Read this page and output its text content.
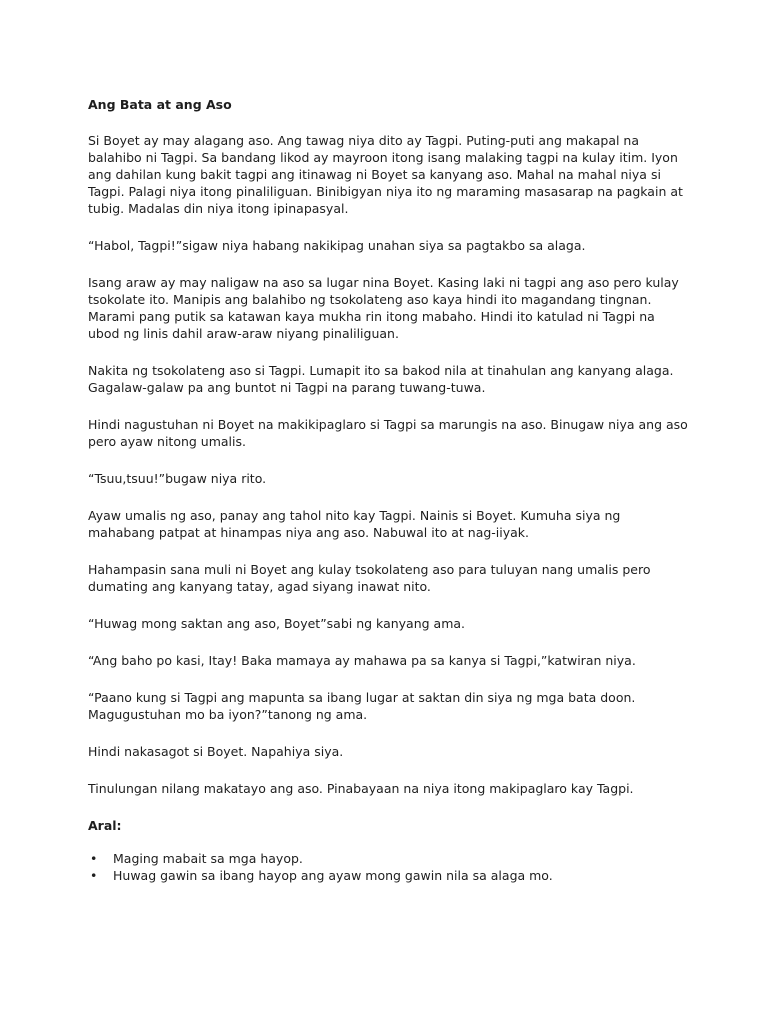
Ang Bata at ang Aso

Si Boyet ay may alagang aso. Ang tawag niya dito ay Tagpi. Puting-puti ang makapal na balahibo ni Tagpi. Sa bandang likod ay mayroon itong isang malaking tagpi na kulay itim. Iyon ang dahilan kung bakit tagpi ang itinawag ni Boyet sa kanyang aso. Mahal na mahal niya si Tagpi. Palagi niya itong pinaliliguan. Binibigyan niya ito ng maraming masasarap na pagkain at tubig. Madalas din niya itong ipinapasyal.

“Habol, Tagpi!”sigaw niya habang nakikipag unahan siya sa pagtakbo sa alaga.

Isang araw ay may naligaw na aso sa lugar nina Boyet. Kasing laki ni tagpi ang aso pero kulay tsokolate ito. Manipis ang balahibo ng tsokolateng aso kaya hindi ito magandang tingnan. Marami pang putik sa katawan kaya mukha rin itong mabaho. Hindi ito katulad ni Tagpi na ubod ng linis dahil araw-araw niyang pinaliliguan.

Nakita ng tsokolateng aso si Tagpi. Lumapit ito sa bakod nila at tinahulan ang kanyang alaga. Gagalaw-galaw pa ang buntot ni Tagpi na parang tuwang-tuwa.

Hindi nagustuhan ni Boyet na makikipaglaro si Tagpi sa marungis na aso. Binugaw niya ang aso pero ayaw nitong umalis.

“Tsuu,tsuu!”bugaw niya rito.

Ayaw umalis ng aso, panay ang tahol nito kay Tagpi. Nainis si Boyet. Kumuha siya ng mahabang patpat at hinampas niya ang aso. Nabuwal ito at nag-iiyak.

Hahampasin sana muli ni Boyet ang kulay tsokolateng aso para tuluyan nang umalis pero dumating ang kanyang tatay, agad siyang inawat nito.

“Huwag mong saktan ang aso, Boyet”sabi ng kanyang ama.

“Ang baho po kasi, Itay! Baka mamaya ay mahawa pa sa kanya si Tagpi,”katwiran niya.

“Paano kung si Tagpi ang mapunta sa ibang lugar at saktan din siya ng mga bata doon. Magugustuhan mo ba iyon?”tanong ng ama.

Hindi nakasagot si Boyet. Napahiya siya.

Tinulungan nilang makatayo ang aso. Pinabayaan na niya itong makipaglaro kay Tagpi.

Aral:
• Maging mabait sa mga hayop.
• Huwag gawin sa ibang hayop ang ayaw mong gawin nila sa alaga mo.
